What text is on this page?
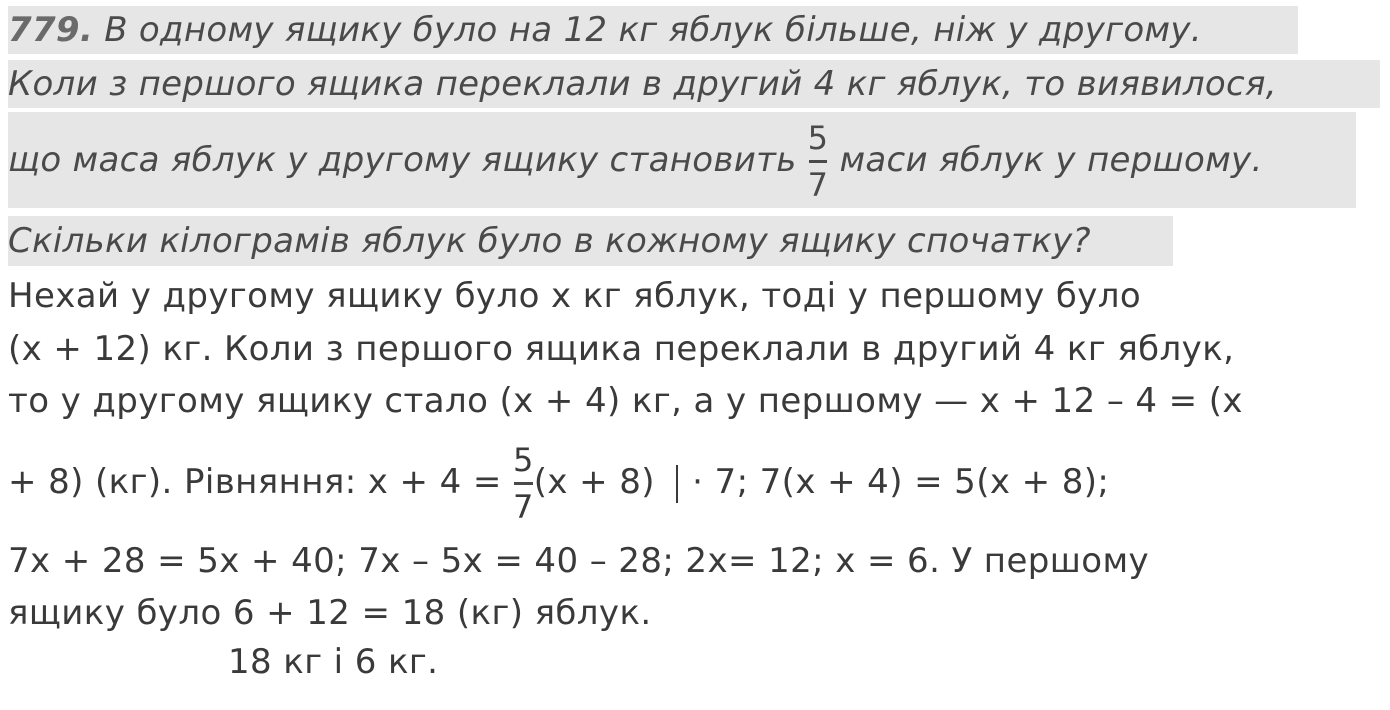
779. В одному ящику було на 12 кг яблук більше, ніж у другому.
Коли з першого ящика переклали в другий 4 кг яблук, то виявилося,
що маса яблук у другому ящику становить $\frac{5}{7}$ маси яблук у першому.
Скільки кілограмів яблук було в кожному ящику спочатку?
Нехай у другому ящику було х кг яблук, тоді у першому було
(х + 12) кг. Коли з першого ящика переклали в другий 4 кг яблук,
то у другому ящику стало (х + 4) кг, а у першому — х + 12 – 4 = (х
+ 8) (кг). Рівняння: $х + 4 = \frac{5}{7} (х + 8) \cdot 7$; 7(х + 4) = 5(х + 8);
7х + 28 = 5х + 40; 7х – 5х = 40 – 28; 2х= 12; х = 6. У першому
ящику було 6 + 12 = 18 (кг) яблук.
18 кг і 6 кг.
